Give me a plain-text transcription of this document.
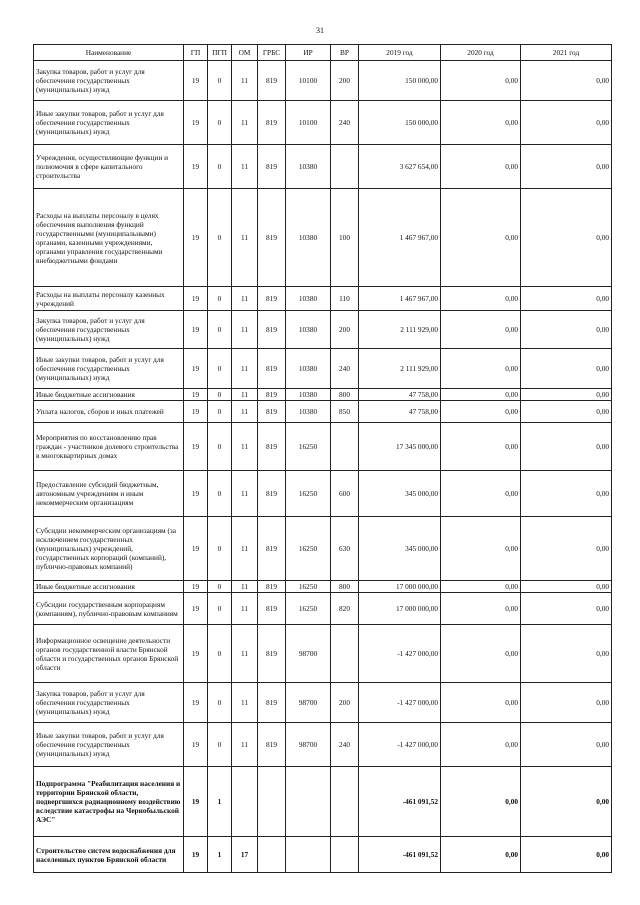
31
Наименование	ГП	ПГП	ОМ	ГРБС	ИР	ВР	2019 год	2020 год	2021 год
Закупка товаров, работ и услуг для обеспечения государственных (муниципальных) нужд	19	0	11	819	10100	200	150 000,00	0,00	0,00
Иные закупки товаров, работ и услуг для обеспечения государственных (муниципальных) нужд	19	0	11	819	10100	240	150 000,00	0,00	0,00
Учреждения, осуществляющие функции и полномочия в сфере капитального строительства	19	0	11	819	10380		3 627 654,00	0,00	0,00
Расходы на выплаты персоналу в целях обеспечения выполнения функций государственными (муниципальными) органами, казенными учреждениями, органами управления государственными внебюджетными фондами	19	0	11	819	10380	100	1 467 967,00	0,00	0,00
Расходы на выплаты персоналу казенных учреждений	19	0	11	819	10380	110	1 467 967,00	0,00	0,00
Закупка товаров, работ и услуг для обеспечения государственных (муниципальных) нужд	19	0	11	819	10380	200	2 111 929,00	0,00	0,00
Иные закупки товаров, работ и услуг для обеспечения государственных (муниципальных) нужд	19	0	11	819	10380	240	2 111 929,00	0,00	0,00
Иные бюджетные ассигнования	19	0	11	819	10380	800	47 758,00	0,00	0,00
Уплата налогов, сборов и иных платежей	19	0	11	819	10380	850	47 758,00	0,00	0,00
Мероприятия по восстановлению прав граждан - участников долевого строительства в многоквартирных домах	19	0	11	819	16250		17 345 000,00	0,00	0,00
Предоставление субсидий бюджетным, автономным учреждениям и иным некоммерческим организациям	19	0	11	819	16250	600	345 000,00	0,00	0,00
Субсидии некоммерческим организациям (за исключением государственных (муниципальных) учреждений, государственных корпораций (компаний), публично-правовых компаний)	19	0	11	819	16250	630	345 000,00	0,00	0,00
Иные бюджетные ассигнования	19	0	11	819	16250	800	17 000 000,00	0,00	0,00
Субсидии государственным корпорациям (компаниям), публично-правовым компаниям	19	0	11	819	16250	820	17 000 000,00	0,00	0,00
Информационное освещение деятельности органов государственной власти Брянской области и государственных органов Брянской области	19	0	11	819	98700		-1 427 000,00	0,00	0,00
Закупка товаров, работ и услуг для обеспечения государственных (муниципальных) нужд	19	0	11	819	98700	200	-1 427 000,00	0,00	0,00
Иные закупки товаров, работ и услуг для обеспечения государственных (муниципальных) нужд	19	0	11	819	98700	240	-1 427 000,00	0,00	0,00
Подпрограмма "Реабилитация населения и территории Брянской области, подвергшихся радиационному воздействию вследствие катастрофы на Чернобыльской АЭС"	19	1					-461 091,52	0,00	0,00
Строительство систем водоснабжения для населенных пунктов Брянской области	19	1	17				-461 091,52	0,00	0,00
